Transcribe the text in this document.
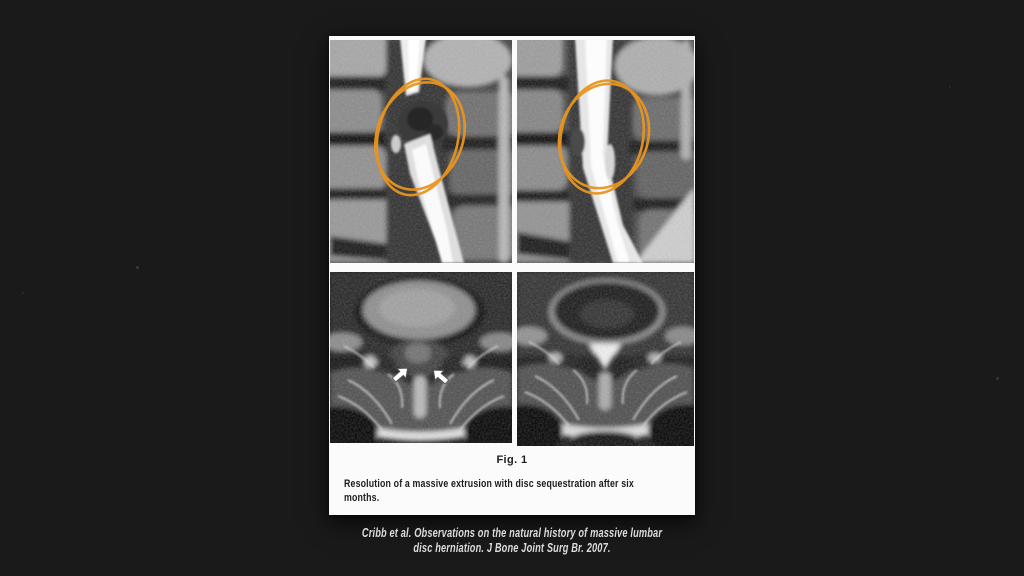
Fig. 1
Resolution of a massive extrusion with disc sequestration after six
months.
Cribb et al. Observations on the natural history of massive lumbar
disc herniation. J Bone Joint Surg Br. 2007.
